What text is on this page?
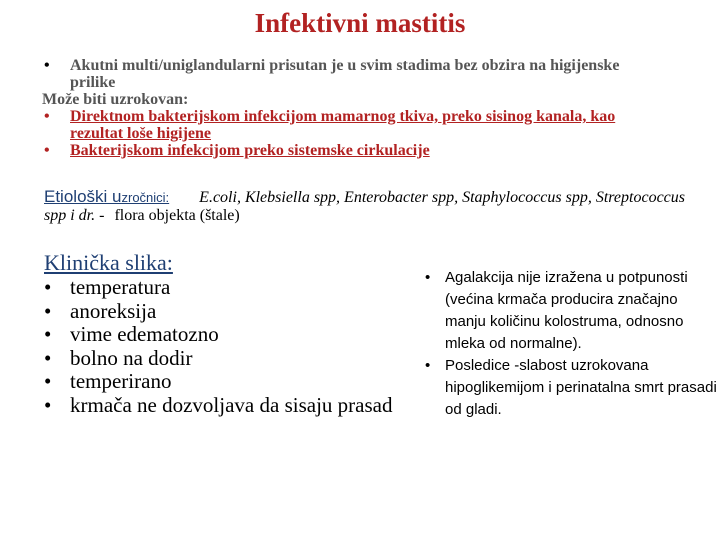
Infektivni mastitis
• Akutni multi/uniglandularni prisutan je u svim stadima bez obzira na higijenske prilike
Može biti uzrokovan:
• Direktnom bakterijskom infekcijom mamarnog tkiva, preko sisinog kanala, kao rezultat loše higijene
• Bakterijskom infekcijom preko sistemske cirkulacije
Etiološki uzročnici: E.coli, Klebsiella spp, Enterobacter spp, Staphylococcus spp, Streptococcus spp i dr. - flora objekta (štale)
Klinička slika:
• temperatura
• anoreksija
• vime edematozno
• bolno na dodir
• temperirano
• krmača ne dozvoljava da sisaju prasad
• Agalakcija nije izražena u potpunosti (većina krmača producira značajno manju količinu kolostruma, odnosno mleka od normalne).
• Posledice -slabost uzrokovana hipoglikemijom i perinatalna smrt prasadi od gladi.
